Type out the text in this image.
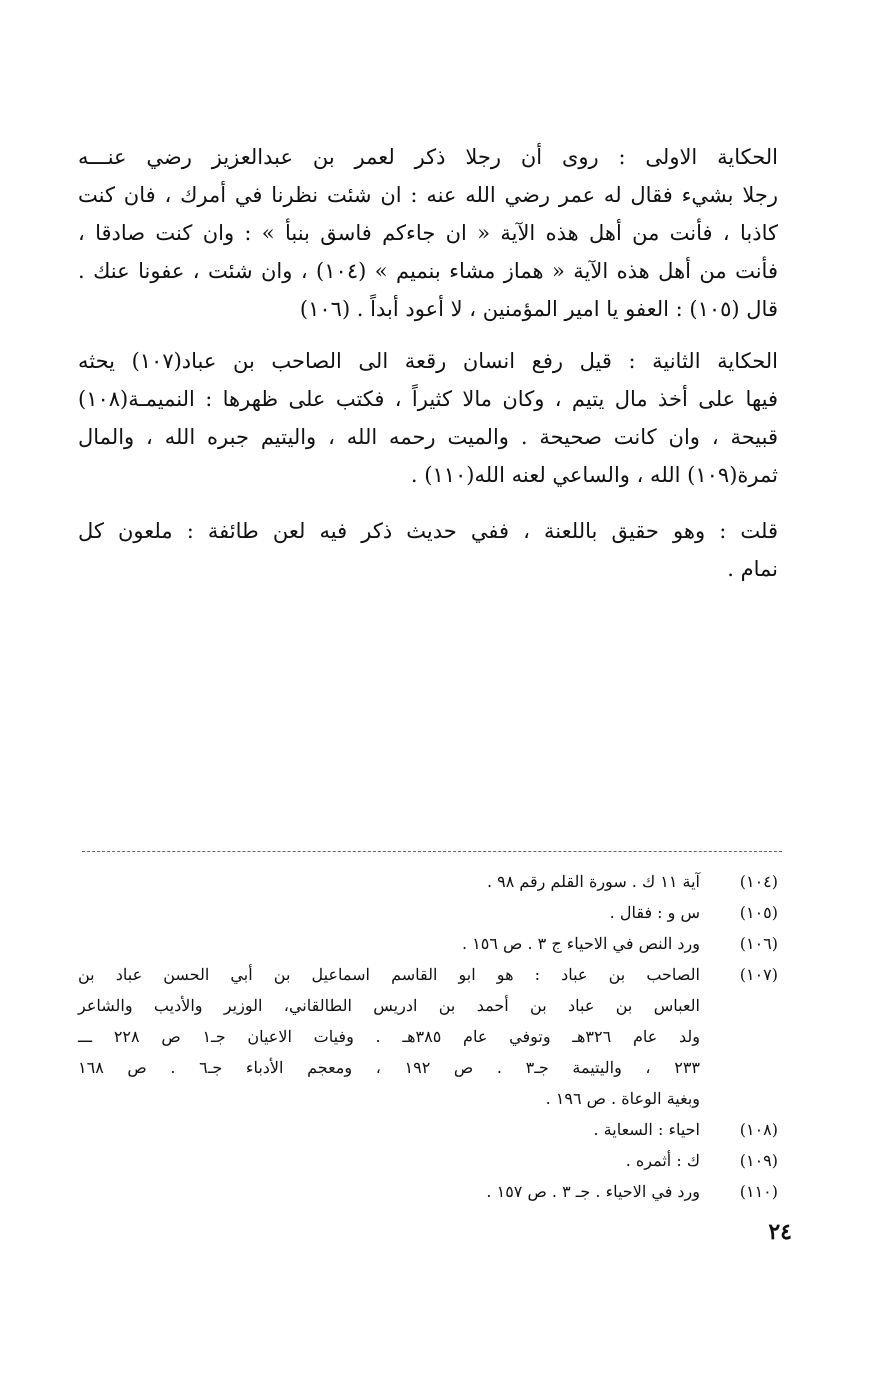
الحكاية الاولى : روى أن رجلا ذكر لعمر بن عبدالعزيز رضي عنـــه
رجلا بشيء فقال له عمر رضي الله عنه : ان شئت نظرنا في أمرك ، فان كنت
كاذبا ، فأنت من أهل هذه الآية « ان جاءكم فاسق بنبأ » : وان كنت صادقا ،
فأنت من أهل هذه الآية « هماز مشاء بنميم » (١٠٤) ، وان شئت ، عفونا عنك .
قال (١٠٥) : العفو يا امير المؤمنين ، لا أعود أبداً . (١٠٦)
الحكاية الثانية : قيل رفع انسان رقعة الى الصاحب بن عباد(١٠٧) يحثه
فيها على أخذ مال يتيم ، وكان مالا كثيراً ، فكتب على ظهرها : النميمـة(١٠٨)
قبيحة ، وان كانت صحيحة . والميت رحمه الله ، واليتيم جبره الله ، والمال
ثمرة(١٠٩) الله ، والساعي لعنه الله(١١٠) .
قلت : وهو حقيق باللعنة ، ففي حديث ذكر فيه لعن طائفة : ملعون كل
نمام .
(١٠٤)
آية ١١ ك . سورة القلم رقم ٩٨ .
(١٠٥)
س و : فقال .
(١٠٦)
ورد النص في الاحياء ج ٣ . ص ١٥٦ .
(١٠٧)
الصاحب بن عباد : هو ابو القاسم اسماعيل بن أبي الحسن عباد بن
العباس بن عباد بن أحمد بن ادريس الطالقاني، الوزير والأديب والشاعر
ولد عام ٣٢٦هـ وتوفي عام ٣٨٥هـ . وفيات الاعيان جـ١ ص ٢٢٨ ـــ
٢٣٣ ، واليتيمة جـ٣ . ص ١٩٢ ، ومعجم الأدباء جـ٦ . ص ١٦٨
وبغية الوعاة . ص ١٩٦ .
(١٠٨)
احياء : السعاية .
(١٠٩)
ك : أثمره .
(١١٠)
ورد في الاحياء . جـ ٣ . ص ١٥٧ .
٢٤
